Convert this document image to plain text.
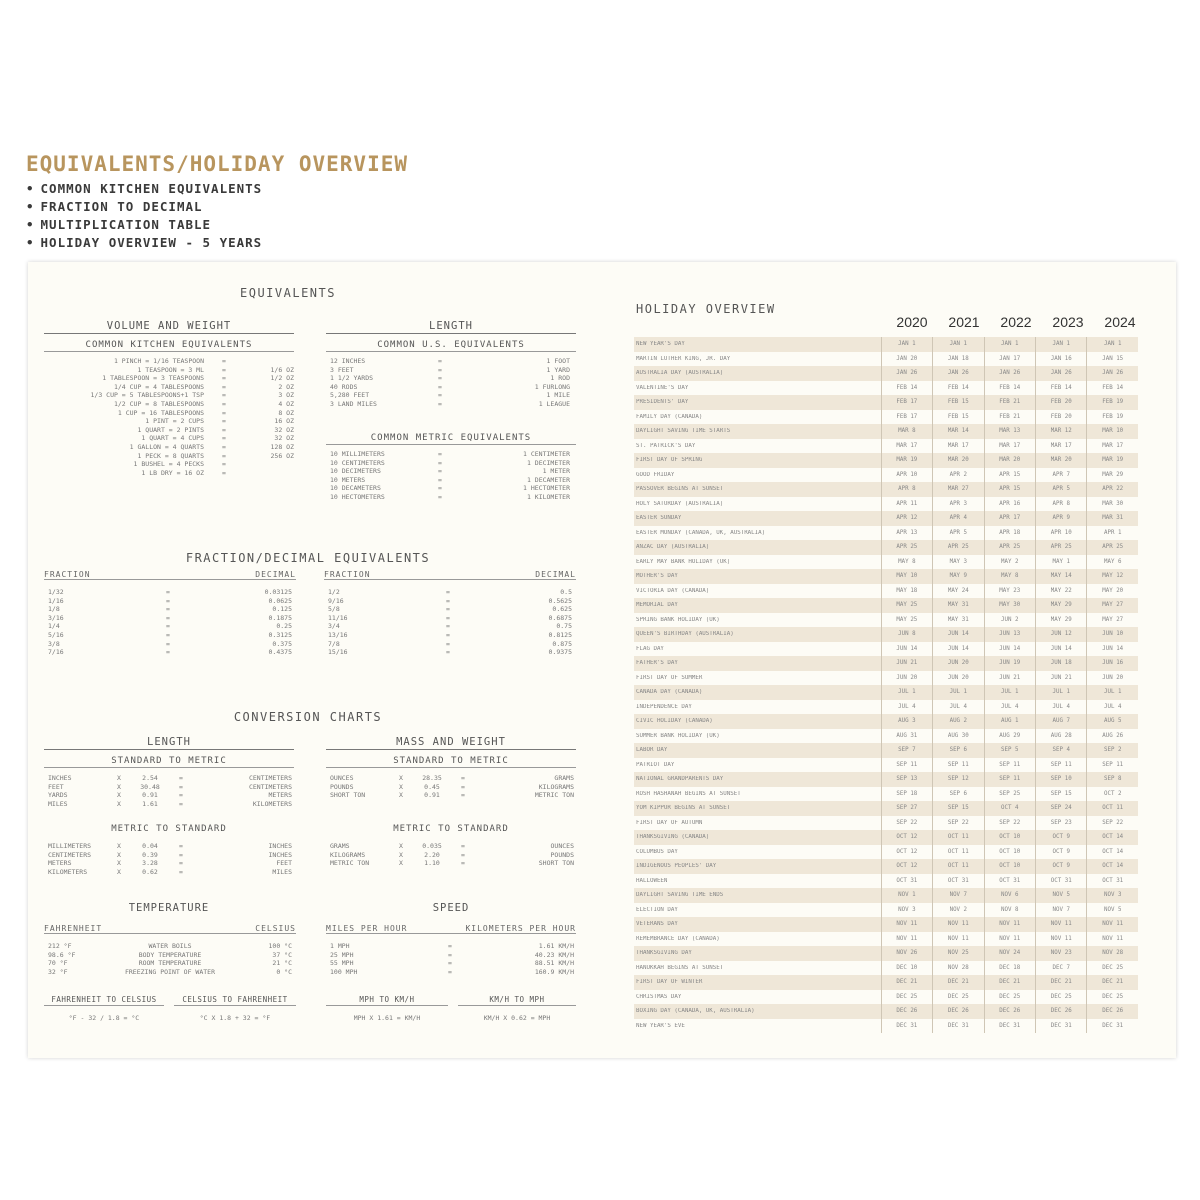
EQUIVALENTS/HOLIDAY OVERVIEW
• COMMON KITCHEN EQUIVALENTS
• FRACTION TO DECIMAL
• MULTIPLICATION TABLE
• HOLIDAY OVERVIEW - 5 YEARS
EQUIVALENTS
VOLUME AND WEIGHT
COMMON KITCHEN EQUIVALENTS
1 PINCH = 1/16 TEASPOON	=
1 TEASPOON = 3 ML	=	1/6 OZ
1 TABLESPOON = 3 TEASPOONS	=	1/2 OZ
1/4 CUP = 4 TABLESPOONS	=	2 OZ
1/3 CUP = 5 TABLESPOONS+1 TSP	=	3 OZ
1/2 CUP = 8 TABLESPOONS	=	4 OZ
1 CUP = 16 TABLESPOONS	=	8 OZ
1 PINT = 2 CUPS	=	16 OZ
1 QUART = 2 PINTS	=	32 OZ
1 QUART = 4 CUPS	=	32 OZ
1 GALLON = 4 QUARTS	=	128 OZ
1 PECK = 8 QUARTS	=	256 OZ
1 BUSHEL = 4 PECKS	=
1 LB DRY = 16 OZ	=
LENGTH
COMMON U.S. EQUIVALENTS
12 INCHES	=	1 FOOT
3 FEET	=	1 YARD
1 1/2 YARDS	=	1 ROD
40 RODS	=	1 FURLONG
5,280 FEET	=	1 MILE
3 LAND MILES	=	1 LEAGUE
COMMON METRIC EQUIVALENTS
10 MILLIMETERS	=	1 CENTIMETER
10 CENTIMETERS	=	1 DECIMETER
10 DECIMETERS	=	1 METER
10 METERS	=	1 DECAMETER
10 DECAMETERS	=	1 HECTOMETER
10 HECTOMETERS	=	1 KILOMETER
FRACTION/DECIMAL EQUIVALENTS
FRACTION	DECIMAL	FRACTION	DECIMAL
1/32	=	0.03125
1/16	=	0.0625
1/8	=	0.125
3/16	=	0.1875
1/4	=	0.25
5/16	=	0.3125
3/8	=	0.375
7/16	=	0.4375
1/2	=	0.5
9/16	=	0.5625
5/8	=	0.625
11/16	=	0.6875
3/4	=	0.75
13/16	=	0.8125
7/8	=	0.875
15/16	=	0.9375
CONVERSION CHARTS
LENGTH
STANDARD TO METRIC
INCHES	X	2.54	=	CENTIMETERS
FEET	X	30.48	=	CENTIMETERS
YARDS	X	0.91	=	METERS
MILES	X	1.61	=	KILOMETERS
METRIC TO STANDARD
MILLIMETERS	X	0.04	=	INCHES
CENTIMETERS	X	0.39	=	INCHES
METERS	X	3.28	=	FEET
KILOMETERS	X	0.62	=	MILES
MASS AND WEIGHT
STANDARD TO METRIC
OUNCES	X	28.35	=	GRAMS
POUNDS	X	0.45	=	KILOGRAMS
SHORT TON	X	0.91	=	METRIC TON
METRIC TO STANDARD
GRAMS	X	0.035	=	OUNCES
KILOGRAMS	X	2.20	=	POUNDS
METRIC TON	X	1.10	=	SHORT TON
TEMPERATURE
FAHRENHEIT	CELSIUS
212 °F	WATER BOILS	100 °C
98.6 °F	BODY TEMPERATURE	37 °C
70 °F	ROOM TEMPERATURE	21 °C
32 °F	FREEZING POINT OF WATER	0 °C
FAHRENHEIT TO CELSIUS	CELSIUS TO FAHRENHEIT
°F - 32 / 1.8 = °C	°C X 1.8 + 32 = °F
SPEED
MILES PER HOUR	KILOMETERS PER HOUR
1 MPH	=	1.61 KM/H
25 MPH	=	40.23 KM/H
55 MPH	=	88.51 KM/H
100 MPH	=	160.9 KM/H
MPH TO KM/H	KM/H TO MPH
MPH X 1.61 = KM/H	KM/H X 0.62 = MPH
HOLIDAY OVERVIEW
2020	2021	2022	2023	2024
NEW YEAR'S DAY	JAN 1	JAN 1	JAN 1	JAN 1	JAN 1
MARTIN LUTHER KING, JR. DAY	JAN 20	JAN 18	JAN 17	JAN 16	JAN 15
AUSTRALIA DAY (AUSTRALIA)	JAN 26	JAN 26	JAN 26	JAN 26	JAN 26
VALENTINE'S DAY	FEB 14	FEB 14	FEB 14	FEB 14	FEB 14
PRESIDENTS' DAY	FEB 17	FEB 15	FEB 21	FEB 20	FEB 19
FAMILY DAY (CANADA)	FEB 17	FEB 15	FEB 21	FEB 20	FEB 19
DAYLIGHT SAVING TIME STARTS	MAR 8	MAR 14	MAR 13	MAR 12	MAR 10
ST. PATRICK'S DAY	MAR 17	MAR 17	MAR 17	MAR 17	MAR 17
FIRST DAY OF SPRING	MAR 19	MAR 20	MAR 20	MAR 20	MAR 19
GOOD FRIDAY	APR 10	APR 2	APR 15	APR 7	MAR 29
PASSOVER BEGINS AT SUNSET	APR 8	MAR 27	APR 15	APR 5	APR 22
HOLY SATURDAY (AUSTRALIA)	APR 11	APR 3	APR 16	APR 8	MAR 30
EASTER SUNDAY	APR 12	APR 4	APR 17	APR 9	MAR 31
EASTER MONDAY (CANADA, UK, AUSTRALIA)	APR 13	APR 5	APR 18	APR 10	APR 1
ANZAC DAY (AUSTRALIA)	APR 25	APR 25	APR 25	APR 25	APR 25
EARLY MAY BANK HOLIDAY (UK)	MAY 8	MAY 3	MAY 2	MAY 1	MAY 6
MOTHER'S DAY	MAY 10	MAY 9	MAY 8	MAY 14	MAY 12
VICTORIA DAY (CANADA)	MAY 18	MAY 24	MAY 23	MAY 22	MAY 20
MEMORIAL DAY	MAY 25	MAY 31	MAY 30	MAY 29	MAY 27
SPRING BANK HOLIDAY (UK)	MAY 25	MAY 31	JUN 2	MAY 29	MAY 27
QUEEN'S BIRTHDAY (AUSTRALIA)	JUN 8	JUN 14	JUN 13	JUN 12	JUN 10
FLAG DAY	JUN 14	JUN 14	JUN 14	JUN 14	JUN 14
FATHER'S DAY	JUN 21	JUN 20	JUN 19	JUN 18	JUN 16
FIRST DAY OF SUMMER	JUN 20	JUN 20	JUN 21	JUN 21	JUN 20
CANADA DAY (CANADA)	JUL 1	JUL 1	JUL 1	JUL 1	JUL 1
INDEPENDENCE DAY	JUL 4	JUL 4	JUL 4	JUL 4	JUL 4
CIVIC HOLIDAY (CANADA)	AUG 3	AUG 2	AUG 1	AUG 7	AUG 5
SUMMER BANK HOLIDAY (UK)	AUG 31	AUG 30	AUG 29	AUG 28	AUG 26
LABOR DAY	SEP 7	SEP 6	SEP 5	SEP 4	SEP 2
PATRIOT DAY	SEP 11	SEP 11	SEP 11	SEP 11	SEP 11
NATIONAL GRANDPARENTS DAY	SEP 13	SEP 12	SEP 11	SEP 10	SEP 8
ROSH HASHANAH BEGINS AT SUNSET	SEP 18	SEP 6	SEP 25	SEP 15	OCT 2
YOM KIPPUR BEGINS AT SUNSET	SEP 27	SEP 15	OCT 4	SEP 24	OCT 11
FIRST DAY OF AUTUMN	SEP 22	SEP 22	SEP 22	SEP 23	SEP 22
THANKSGIVING (CANADA)	OCT 12	OCT 11	OCT 10	OCT 9	OCT 14
COLUMBUS DAY	OCT 12	OCT 11	OCT 10	OCT 9	OCT 14
INDIGENOUS PEOPLES' DAY	OCT 12	OCT 11	OCT 10	OCT 9	OCT 14
HALLOWEEN	OCT 31	OCT 31	OCT 31	OCT 31	OCT 31
DAYLIGHT SAVING TIME ENDS	NOV 1	NOV 7	NOV 6	NOV 5	NOV 3
ELECTION DAY	NOV 3	NOV 2	NOV 8	NOV 7	NOV 5
VETERANS DAY	NOV 11	NOV 11	NOV 11	NOV 11	NOV 11
REMEMBRANCE DAY (CANADA)	NOV 11	NOV 11	NOV 11	NOV 11	NOV 11
THANKSGIVING DAY	NOV 26	NOV 25	NOV 24	NOV 23	NOV 28
HANUKKAH BEGINS AT SUNSET	DEC 10	NOV 28	DEC 18	DEC 7	DEC 25
FIRST DAY OF WINTER	DEC 21	DEC 21	DEC 21	DEC 21	DEC 21
CHRISTMAS DAY	DEC 25	DEC 25	DEC 25	DEC 25	DEC 25
BOXING DAY (CANADA, UK, AUSTRALIA)	DEC 26	DEC 26	DEC 26	DEC 26	DEC 26
NEW YEAR'S EVE	DEC 31	DEC 31	DEC 31	DEC 31	DEC 31
